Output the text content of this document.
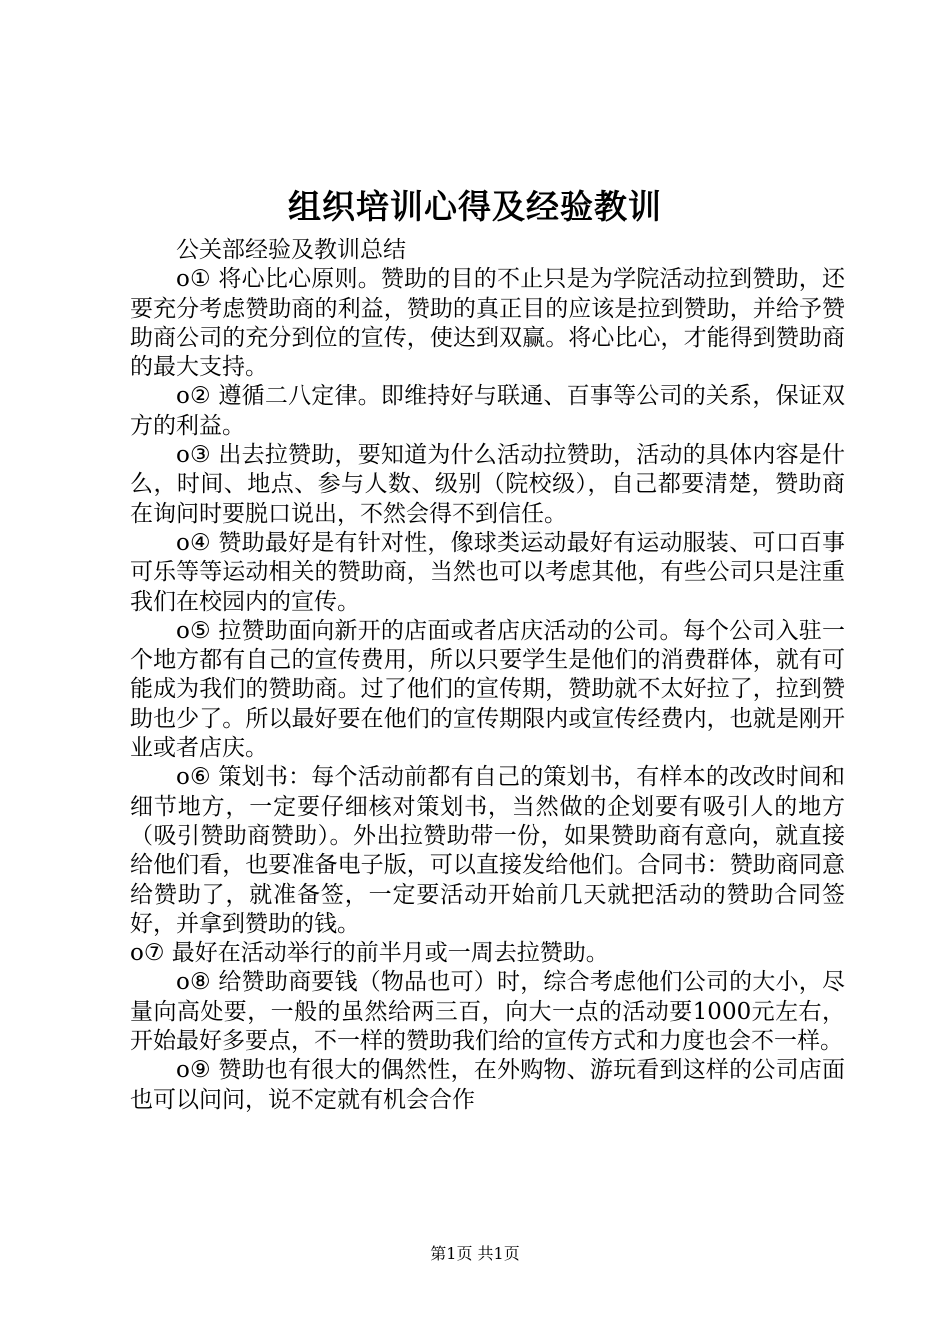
组织培训心得及经验教训

公关部经验及教训总结

o① 将心比心原则。赞助的目的不止只是为学院活动拉到赞助，还要充分考虑赞助商的利益，赞助的真正目的应该是拉到赞助，并给予赞助商公司的充分到位的宣传，使达到双赢。将心比心，才能得到赞助商的最大支持。

o② 遵循二八定律。即维持好与联通、百事等公司的关系，保证双方的利益。

o③ 出去拉赞助，要知道为什么活动拉赞助，活动的具体内容是什么，时间、地点、参与人数、级别（院校级），自己都要清楚，赞助商在询问时要脱口说出，不然会得不到信任。

o④ 赞助最好是有针对性，像球类运动最好有运动服装、可口百事可乐等等运动相关的赞助商，当然也可以考虑其他，有些公司只是注重我们在校园内的宣传。

o⑤ 拉赞助面向新开的店面或者店庆活动的公司。每个公司入驻一个地方都有自己的宣传费用，所以只要学生是他们的消费群体，就有可能成为我们的赞助商。过了他们的宣传期，赞助就不太好拉了，拉到赞助也少了。所以最好要在他们的宣传期限内或宣传经费内，也就是刚开业或者店庆。

o⑥ 策划书：每个活动前都有自己的策划书，有样本的改改时间和细节地方，一定要仔细核对策划书，当然做的企划要有吸引人的地方（吸引赞助商赞助）。外出拉赞助带一份，如果赞助商有意向，就直接给他们看，也要准备电子版，可以直接发给他们。合同书：赞助商同意给赞助了，就准备签，一定要活动开始前几天就把活动的赞助合同签好，并拿到赞助的钱。

o⑦ 最好在活动举行的前半月或一周去拉赞助。

o⑧ 给赞助商要钱（物品也可）时，综合考虑他们公司的大小，尽量向高处要，一般的虽然给两三百，向大一点的活动要1000元左右，开始最好多要点，不一样的赞助我们给的宣传方式和力度也会不一样。

o⑨ 赞助也有很大的偶然性，在外购物、游玩看到这样的公司店面也可以问问，说不定就有机会合作

第1页 共1页
